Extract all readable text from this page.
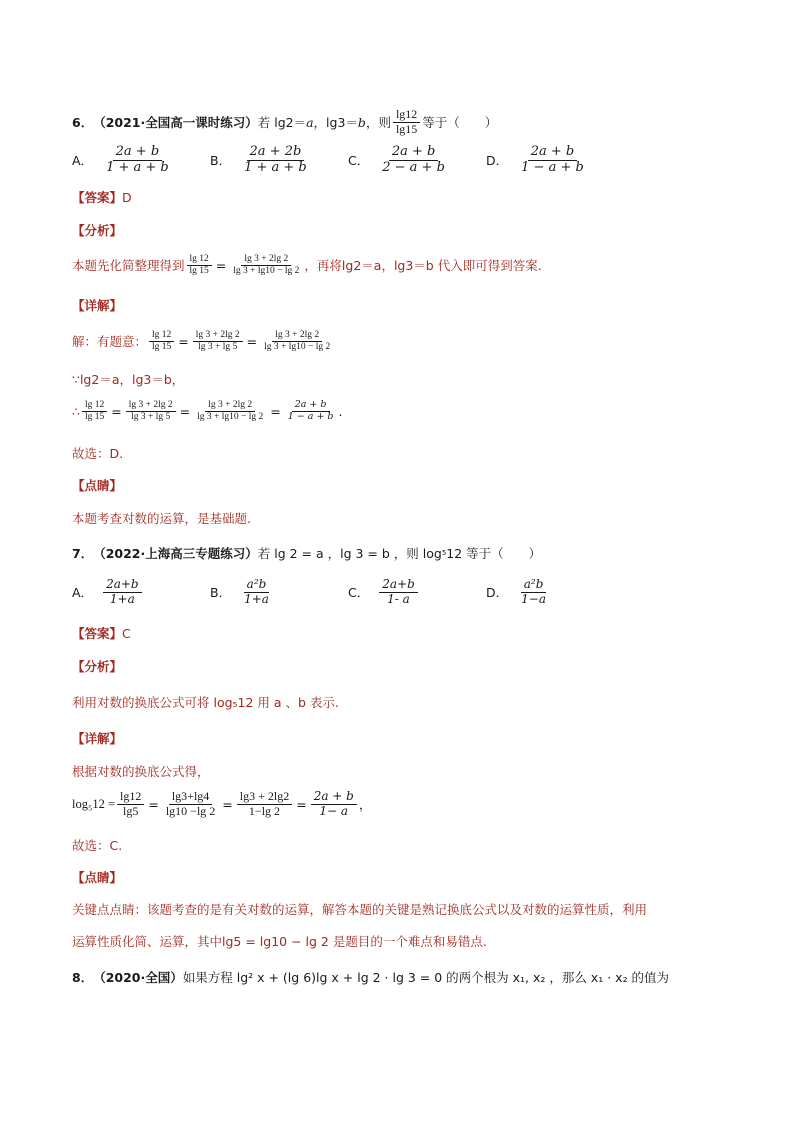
6． （2021·全国高一课时练习） 若 lg2＝ a ，lg3＝ b ，则 $\frac{\lg 12}{\lg 15}$ 等于（　　）
A． $\frac{2a + b}{1 + a + b}$	B． $\frac{2a + 2b}{1 + a + b}$	C． $\frac{2a + b}{2 - a + b}$	D． $\frac{2a + b}{1 - a + b}$
【答案】 D
【分析】
本题先化简整理得到 $\frac{\lg 12}{\lg 15} = \frac{\lg 3 + 2\lg 2}{\lg 3 + \lg 10 - \lg 2}$ ，再将 lg2＝a，lg3＝b 代入即可得到答案.
【详解】
解：有题意： $\frac{\lg 12}{\lg 15} = \frac{\lg 3 + 2\lg 2}{\lg 3 + \lg 5} = \frac{\lg 3 + 2\lg 2}{\lg 3 + \lg 10 - \lg 2}$
∵lg2＝a，lg3＝b，
∴ $\frac{\lg 12}{\lg 15} = \frac{\lg 3 + 2\lg 2}{\lg 3 + \lg 5} = \frac{\lg 3 + 2\lg 2}{\lg 3 + \lg 10 - \lg 2} = \frac{2a + b}{1 - a + b}$ .
故选：D.
【点睛】
本题考查对数的运算，是基础题.
7． （2022·上海高三专题练习） 若 lg 2 = a ，lg 3 = b ，则 log 5 12 等于（　　）
A． $\frac{2a+b}{1+a}$	B． $\frac{\text{a²b}}{1+a}$	C． $\frac{2a+b}{1- a}$	D． $\frac{\text{a²b}}{1-a}$
【答案】 C
【分析】
利用对数的换底公式可将 log₅12 用 a 、b 表示.
【详解】
根据对数的换底公式得，
$\log_512 = \frac{\lg 12}{\lg 5} = \frac{\lg 3+\lg 4}{\lg 10 -\lg 2} = \frac{\lg 3 + 2\lg 2}{1-\lg 2} = \frac{2a + b}{1- a}$ ，
故选：C.
【点睛】
关键点点睛：该题考查的是有关对数的运算，解答本题的关键是熟记换底公式以及对数的运算性质，利用
运算性质化简、运算，其中lg5 = lg10 − lg 2 是题目的一个难点和易错点.
8． （2020·全国） 如果方程 lg² x + (lg 6)lg x + lg 2 · lg 3 = 0 的两个根为 x₁, x₂ ，那么 x₁ · x₂ 的值为
